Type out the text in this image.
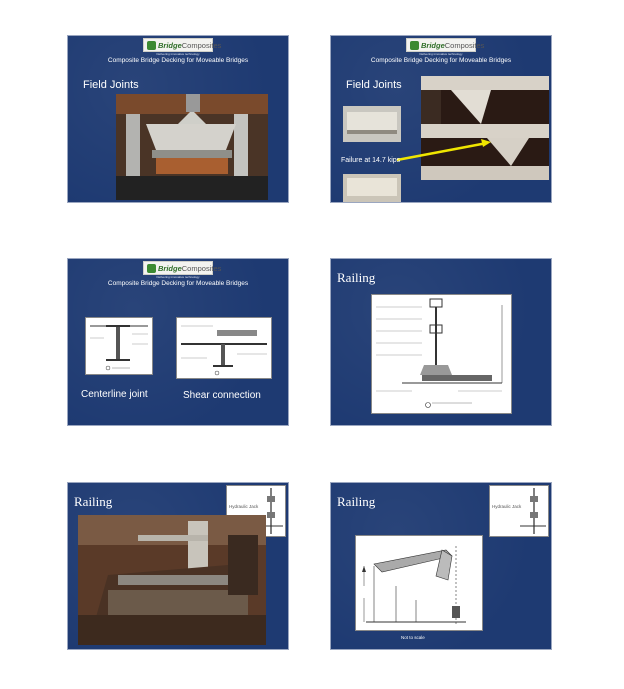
BridgeComposites
Delivering innovative technology
Composite Bridge Decking for Moveable Bridges
Field Joints
BridgeComposites
Delivering innovative technology
Composite Bridge Decking for Moveable Bridges
Field Joints
Failure at 14.7 kips
BridgeComposites
Delivering innovative technology
Composite Bridge Decking for Moveable Bridges
Centerline joint	Shear connection
Railing
Railing	Hydraulic Jack	Railing	Hydraulic Jack
Not to scale
